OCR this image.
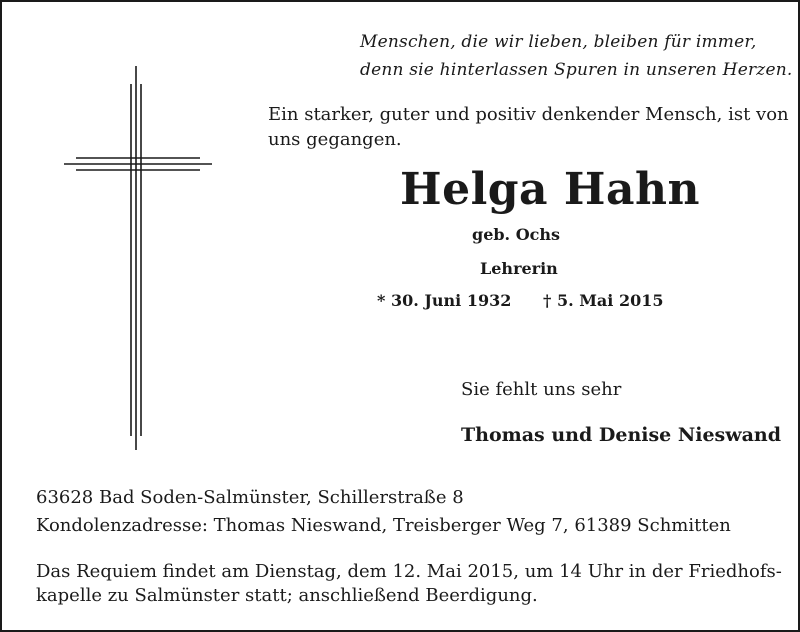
Menschen, die wir lieben, bleiben für immer,
denn sie hinterlassen Spuren in unseren Herzen.
Ein starker, guter und positiv denkender Mensch, ist von
uns gegangen.
Helga Hahn
geb. Ochs
Lehrerin
* 30. Juni 1932 † 5. Mai 2015
Sie fehlt uns sehr
Thomas und Denise Nieswand
63628 Bad Soden-Salmünster, Schillerstraße 8
Kondolenzadresse: Thomas Nieswand, Treisberger Weg 7, 61389 Schmitten
Das Requiem findet am Dienstag, dem 12. Mai 2015, um 14 Uhr in der Friedhofs-
kapelle zu Salmünster statt; anschließend Beerdigung.
